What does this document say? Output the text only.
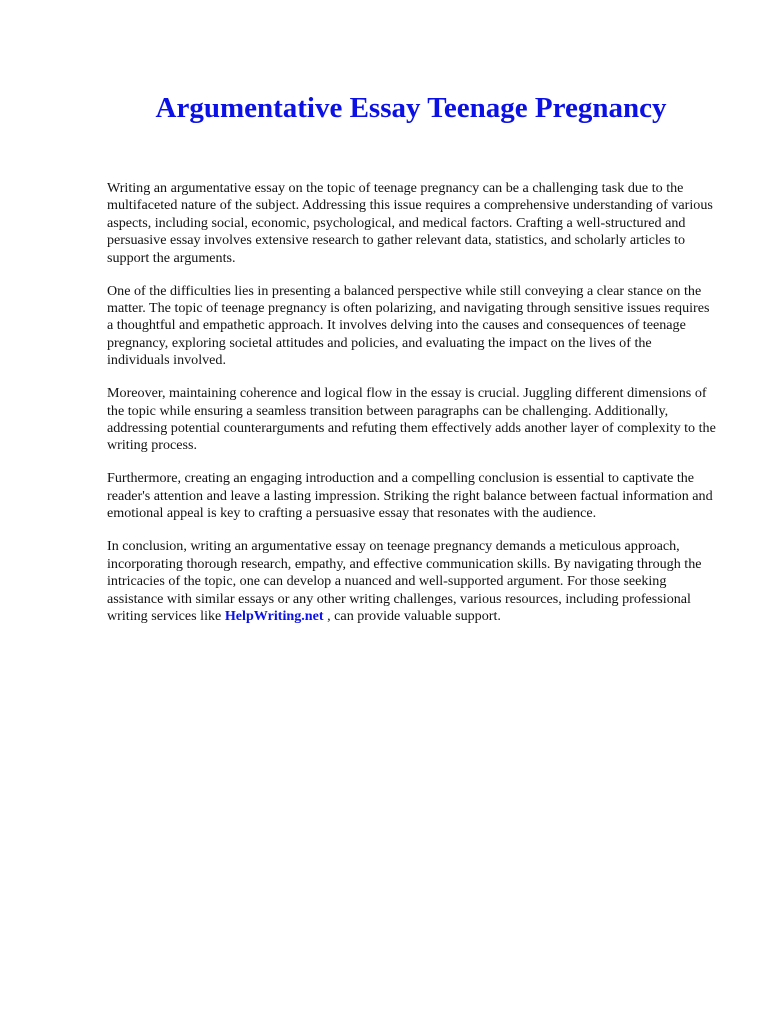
Argumentative Essay Teenage Pregnancy

Writing an argumentative essay on the topic of teenage pregnancy can be a challenging task due to the multifaceted nature of the subject. Addressing this issue requires a comprehensive understanding of various aspects, including social, economic, psychological, and medical factors. Crafting a well-structured and persuasive essay involves extensive research to gather relevant data, statistics, and scholarly articles to support the arguments.

One of the difficulties lies in presenting a balanced perspective while still conveying a clear stance on the matter. The topic of teenage pregnancy is often polarizing, and navigating through sensitive issues requires a thoughtful and empathetic approach. It involves delving into the causes and consequences of teenage pregnancy, exploring societal attitudes and policies, and evaluating the impact on the lives of the individuals involved.

Moreover, maintaining coherence and logical flow in the essay is crucial. Juggling different dimensions of the topic while ensuring a seamless transition between paragraphs can be challenging. Additionally, addressing potential counterarguments and refuting them effectively adds another layer of complexity to the writing process.

Furthermore, creating an engaging introduction and a compelling conclusion is essential to captivate the reader's attention and leave a lasting impression. Striking the right balance between factual information and emotional appeal is key to crafting a persuasive essay that resonates with the audience.

In conclusion, writing an argumentative essay on teenage pregnancy demands a meticulous approach, incorporating thorough research, empathy, and effective communication skills. By navigating through the intricacies of the topic, one can develop a nuanced and well-supported argument. For those seeking assistance with similar essays or any other writing challenges, various resources, including professional writing services like HelpWriting.net , can provide valuable support.
